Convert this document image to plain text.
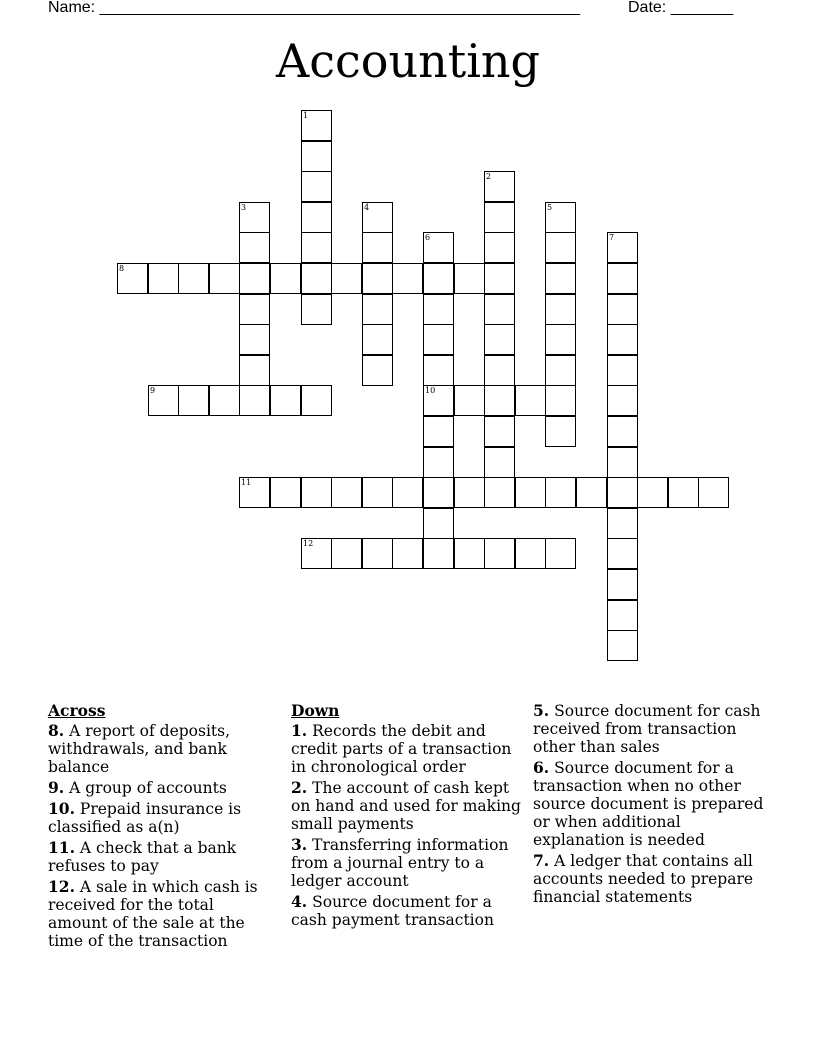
Name: ______________________________________________________	Date: _______
Accounting
1
2
3	4	5
6
10
7
8
9
11
12
Across
8. A report of deposits, withdrawals, and bank balance
9. A group of accounts
10. Prepaid insurance is classified as a(n)
11. A check that a bank refuses to pay
12. A sale in which cash is received for the total amount of the sale at the time of the transaction
Down
1. Records the debit and credit parts of a transaction in chronological order
2. The account of cash kept on hand and used for making small payments
3. Transferring information from a journal entry to a ledger account
4. Source document for a cash payment transaction
5. Source document for cash received from transaction other than sales
6. Source document for a transaction when no other source document is prepared or when additional explanation is needed
7. A ledger that contains all accounts needed to prepare financial statements
